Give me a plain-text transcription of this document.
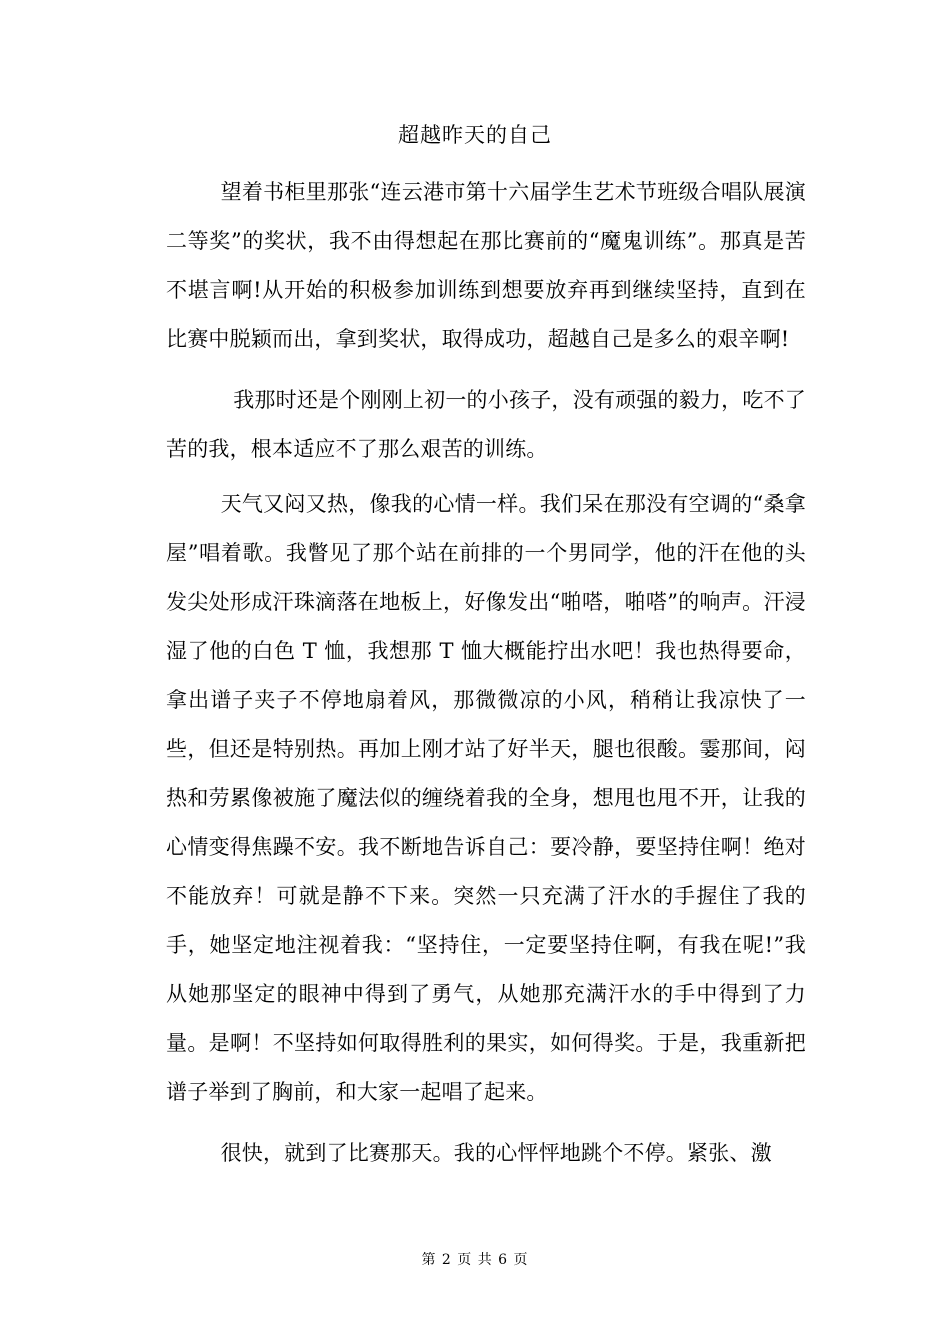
超越昨天的自己

望着书柜里那张“连云港市第十六届学生艺术节班级合唱队展演二等奖”的奖状，我不由得想起在那比赛前的“魔鬼训练”。那真是苦不堪言啊!从开始的积极参加训练到想要放弃再到继续坚持，直到在比赛中脱颖而出，拿到奖状，取得成功，超越自己是多么的艰辛啊!

我那时还是个刚刚上初一的小孩子，没有顽强的毅力，吃不了苦的我，根本适应不了那么艰苦的训练。

天气又闷又热，像我的心情一样。我们呆在那没有空调的“桑拿屋”唱着歌。我瞥见了那个站在前排的一个男同学，他的汗在他的头发尖处形成汗珠滴落在地板上，好像发出“啪嗒，啪嗒”的响声。汗浸湿了他的白色 T 恤，我想那 T 恤大概能拧出水吧！我也热得要命，拿出谱子夹子不停地扇着风，那微微凉的小风，稍稍让我凉快了一些，但还是特别热。再加上刚才站了好半天，腿也很酸。霎那间，闷热和劳累像被施了魔法似的缠绕着我的全身，想甩也甩不开，让我的心情变得焦躁不安。我不断地告诉自己：要冷静，要坚持住啊！绝对不能放弃！可就是静不下来。突然一只充满了汗水的手握住了我的手，她坚定地注视着我：“坚持住，一定要坚持住啊，有我在呢!”我从她那坚定的眼神中得到了勇气，从她那充满汗水的手中得到了力量。是啊！不坚持如何取得胜利的果实，如何得奖。于是，我重新把谱子举到了胸前，和大家一起唱了起来。

很快，就到了比赛那天。我的心怦怦地跳个不停。紧张、激

第 2 页 共 6 页
